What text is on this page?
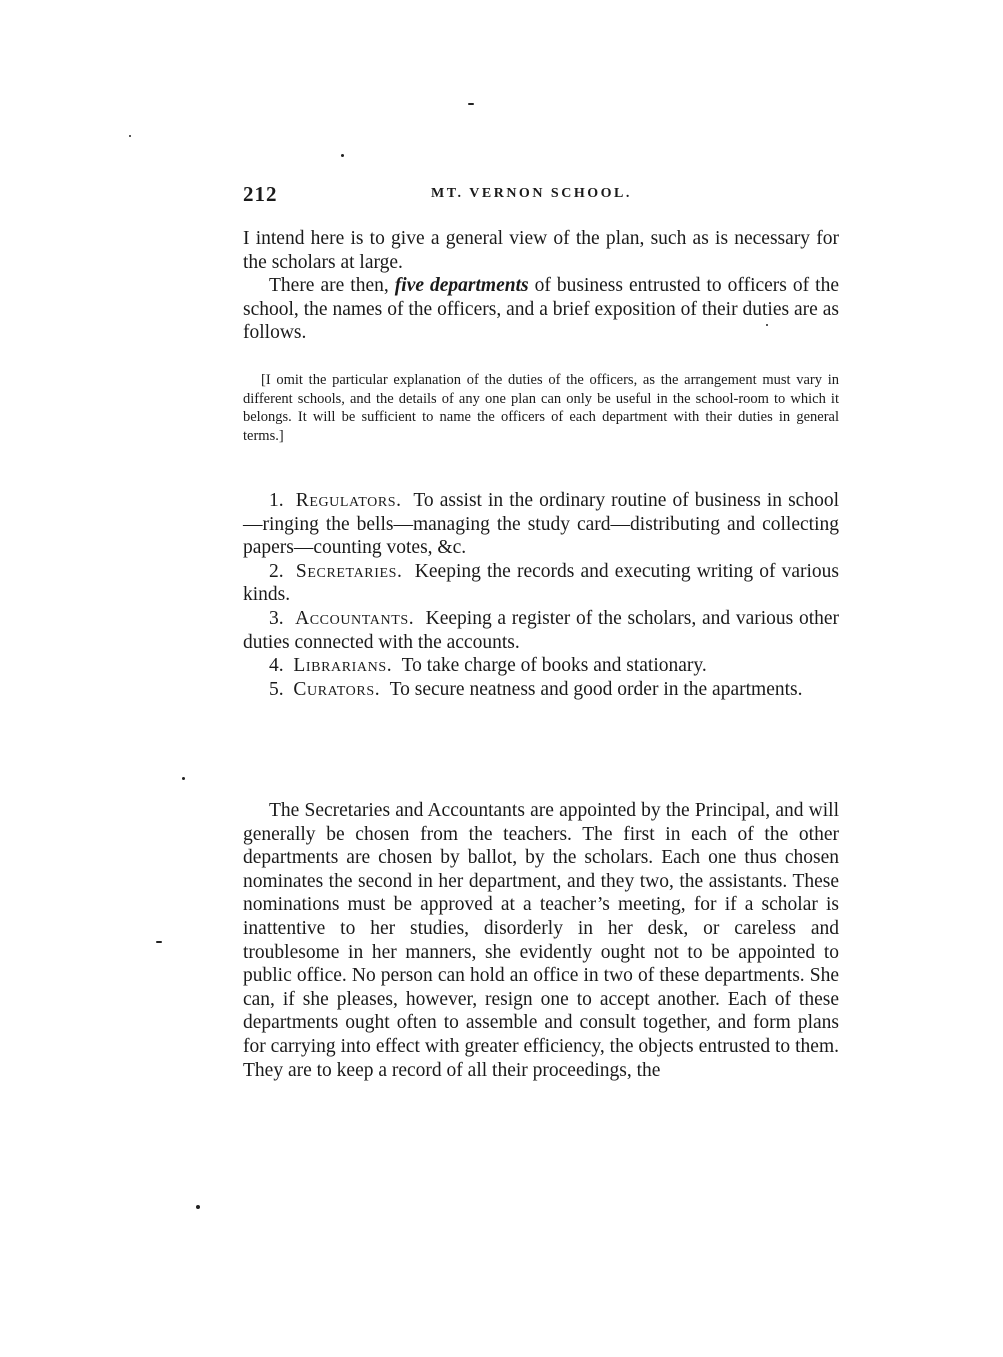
212	MT. VERNON SCHOOL.

I intend here is to give a general view of the plan, such as is necessary for the scholars at large.

There are then, five departments of business entrusted to officers of the school, the names of the officers, and a brief exposition of their duties are as follows.

[I omit the particular explanation of the duties of the officers, as the arrangement must vary in different schools, and the details of any one plan can only be useful in the school-room to which it belongs. It will be sufficient to name the officers of each department with their duties in general terms.]

1. Regulators. To assist in the ordinary routine of business in school—ringing the bells—managing the study card—distributing and collecting papers—counting votes, &c.

2. Secretaries. Keeping the records and executing writing of various kinds.

3. Accountants. Keeping a register of the scholars, and various other duties connected with the accounts.

4. Librarians. To take charge of books and stationary.

5. Curators. To secure neatness and good order in the apartments.

The Secretaries and Accountants are appointed by the Principal, and will generally be chosen from the teachers. The first in each of the other departments are chosen by ballot, by the scholars. Each one thus chosen nominates the second in her department, and they two, the assistants. These nominations must be approved at a teacher’s meeting, for if a scholar is inattentive to her studies, disorderly in her desk, or careless and troublesome in her manners, she evidently ought not to be appointed to public office. No person can hold an office in two of these departments. She can, if she pleases, however, resign one to accept another. Each of these departments ought often to assemble and consult together, and form plans for carrying into effect with greater efficiency, the objects entrusted to them. They are to keep a record of all their proceedings, the
